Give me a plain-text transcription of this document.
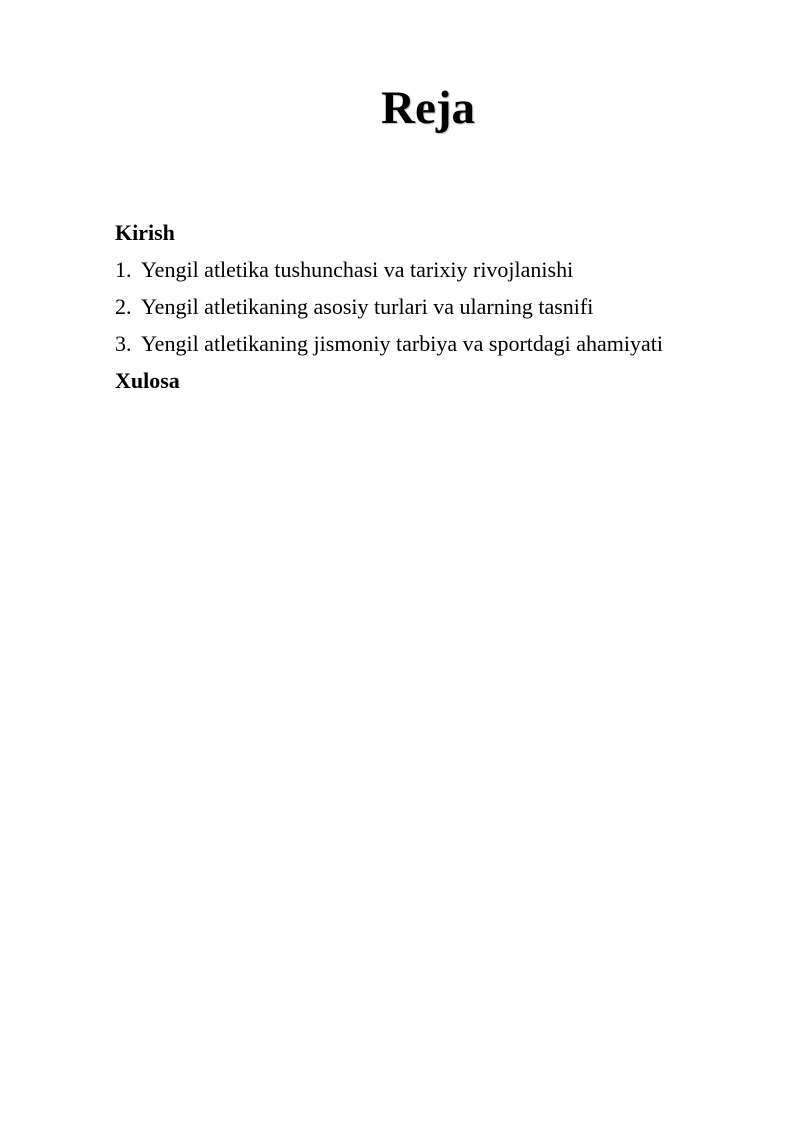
Reja
Kirish
1. Yengil atletika tushunchasi va tarixiy rivojlanishi
2. Yengil atletikaning asosiy turlari va ularning tasnifi
3. Yengil atletikaning jismoniy tarbiya va sportdagi ahamiyati
Xulosa
